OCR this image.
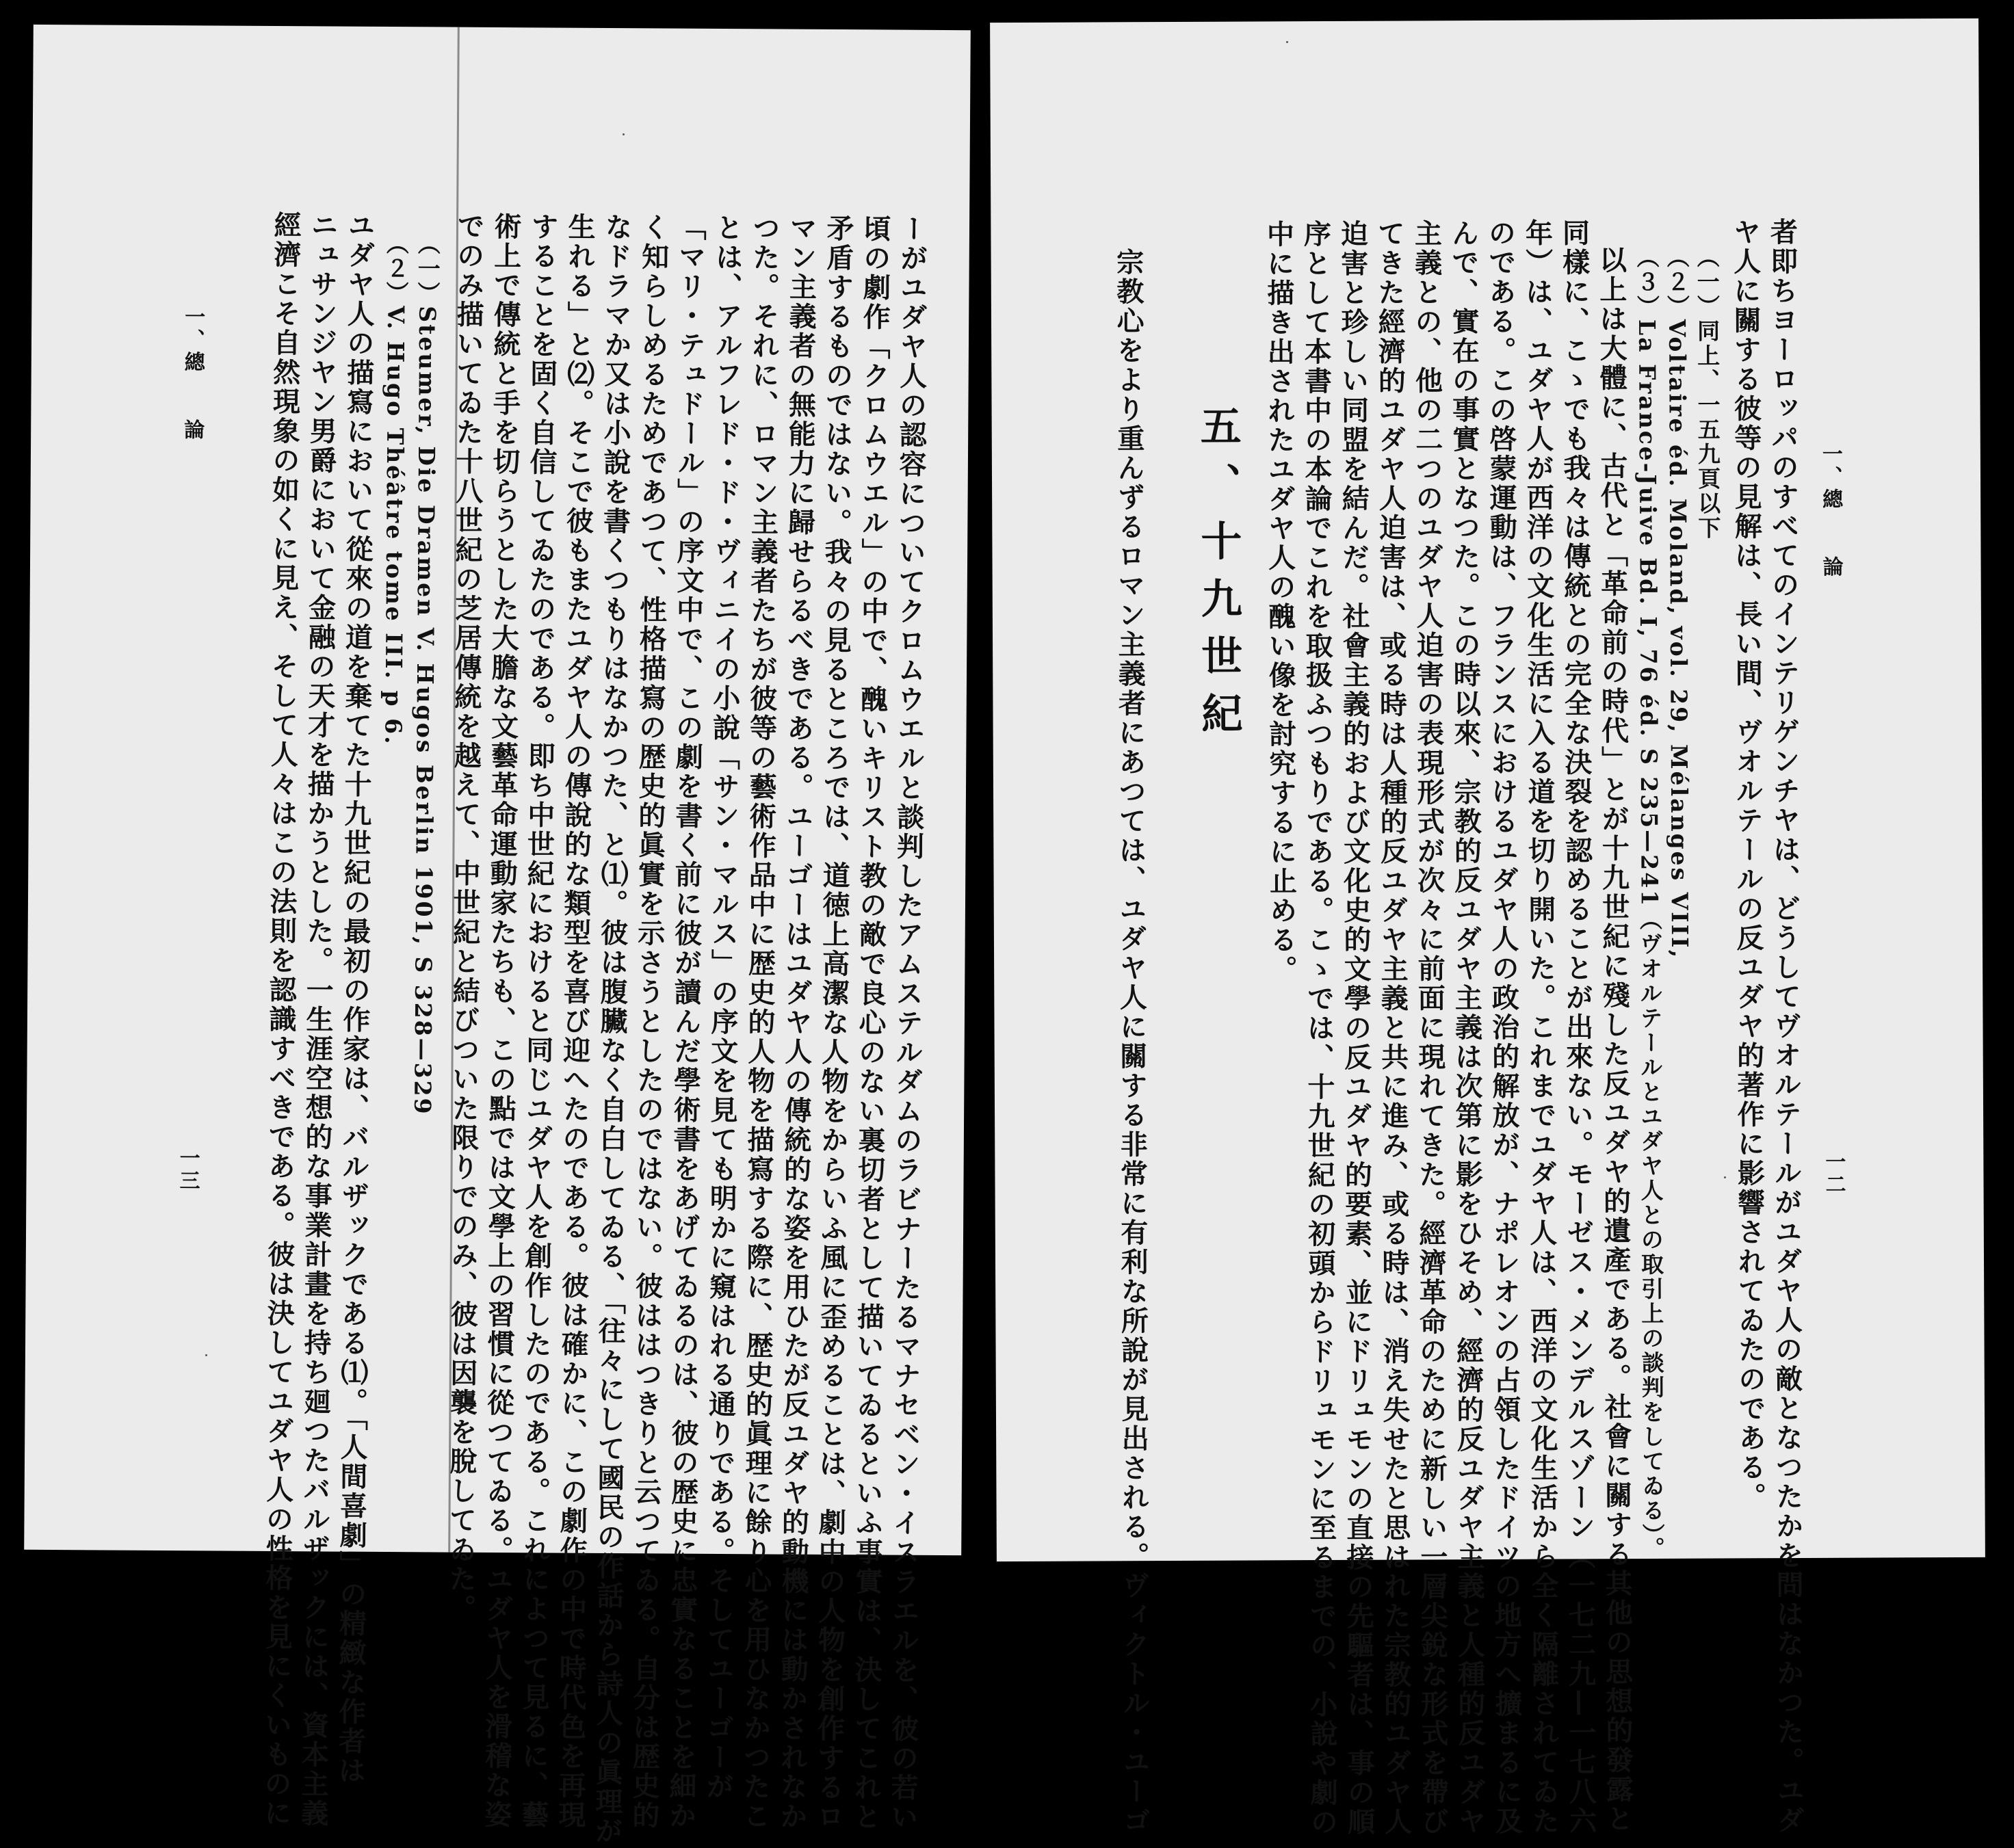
ーがユダヤ人の認容についてクロムウエルと談判したアムステルダムのラビナーたるマナセベン・イスラエルを、彼の若い
頃の劇作「クロムウエル」の中で、醜いキリスト教の敵で良心のない裏切者として描いてゐるといふ事實は、決してこれと
矛盾するものではない。我々の見るところでは、道徳上高潔な人物をからいふ風に歪めることは、劇中の人物を創作するロ
マン主義者の無能力に歸せらるべきである。ユーゴーはユダヤ人の傳統的な姿を用ひたが反ユダヤ的動機には動かされなか
つた。それに、ロマン主義者たちが彼等の藝術作品中に歴史的人物を描寫する際に、歴史的眞理に餘り心を用ひなかつたこ
とは、アルフレド・ド・ヴィニイの小說「サン・マルス」の序文を見ても明かに窺はれる通りである。そしてユーゴーが
「マリ・テュドール」の序文中で、この劇を書く前に彼が讀んだ學術書をあげてゐるのは、彼の歴史に忠實なることを細か
く知らしめるためであつて、性格描寫の歴史的眞實を示さうとしたのではない。彼ははつきりと云つてゐる。自分は歴史的
なドラマか又は小說を書くつもりはなかつた、と⑴。彼は腹臟なく自白してゐる、「往々にして國民の作話から詩人の眞理が
生れる」と⑵。そこで彼もまたユダヤ人の傳說的な類型を喜び迎へたのである。彼は確かに、この劇作の中で時代色を再現
することを固く自信してゐたのである。即ち中世紀におけると同じユダヤ人を創作したのである。これによつて見るに、藝
術上で傳統と手を切らうとした大膽な文藝革命運動家たちも、この點では文學上の習慣に從つてゐる。ユダヤ人を滑稽な姿
でのみ描いてゐた十八世紀の芝居傳統を越えて、中世紀と結びついた限りでのみ、彼は因襲を脫してゐた。
（一）Steumer, Die Dramen V. Hugos Berlin 1901, S 328—329
（２）V. Hugo Théâtre tome III. p 6.
ユダヤ人の描寫において從來の道を棄てた十九世紀の最初の作家は、バルザックである⑴。「人間喜劇」の精緻な作者は
ニュサンジヤン男爵において金融の天才を描かうとした。一生涯空想的な事業計畫を持ち廻つたバルザックには、資本主義
經濟こそ自然現象の如くに見え、そして人々はこの法則を認識すべきである。彼は決してユダヤ人の性格を見にくいものに
一、總　　論
一三
一、總　　論
一二
者即ちヨーロッパのすべてのインテリゲンチヤは、どうしてヴオルテールがユダヤ人の敵となつたかを問はなかつた。ユダ
ヤ人に關する彼等の見解は、長い間、ヴオルテールの反ユダヤ的著作に影響されてゐたのである。
（一）同上、一五九頁以下
（２）Voltaire éd. Moland, vol. 29, Mélanges VIII,
（３）La France-Juive Bd. I, 76 éd. S 235—241（ヴオルテールとユダヤ人との取引上の談判をしてゐる）。
以上は大體に、古代と「革命前の時代」とが十九世紀に殘した反ユダヤ的遺產である。社會に關する其他の思想的發露と
同樣に、こゝでも我々は傳統との完全な決裂を認めることが出來ない。モーゼス・メンデルスゾーン（一七二九—一七八六
年）は、ユダヤ人が西洋の文化生活に入る道を切り開いた。これまでユダヤ人は、西洋の文化生活から全く隔離されてゐた
のである。この啓蒙運動は、フランスにおけるユダヤ人の政治的解放が、ナポレオンの占領したドイツの地方へ擴まるに及
んで、實在の事實となつた。この時以來、宗教的反ユダヤ主義は次第に影をひそめ、經濟的反ユダヤ主義と人種的反ユダヤ
主義との、他の二つのユダヤ人迫害の表現形式が次々に前面に現れてきた。經濟革命のために新しい一層尖銳な形式を帶び
てきた經濟的ユダヤ人迫害は、或る時は人種的反ユダヤ主義と共に進み、或る時は、消え失せたと思はれた宗教的ユダヤ人
迫害と珍しい同盟を結んだ。社會主義的および文化史的文學の反ユダヤ的要素、並にドリュモンの直接の先驅者は、事の順
序として本書中の本論でこれを取扱ふつもりである。こゝでは、十九世紀の初頭からドリュモンに至るまでの、小說や劇の
中に描き出されたユダヤ人の醜い像を討究するに止める。
五、十九世紀
宗教心をより重んずるロマン主義者にあつては、ユダヤ人に關する非常に有利な所說が見出される。ヴィクトル・ユーゴ
